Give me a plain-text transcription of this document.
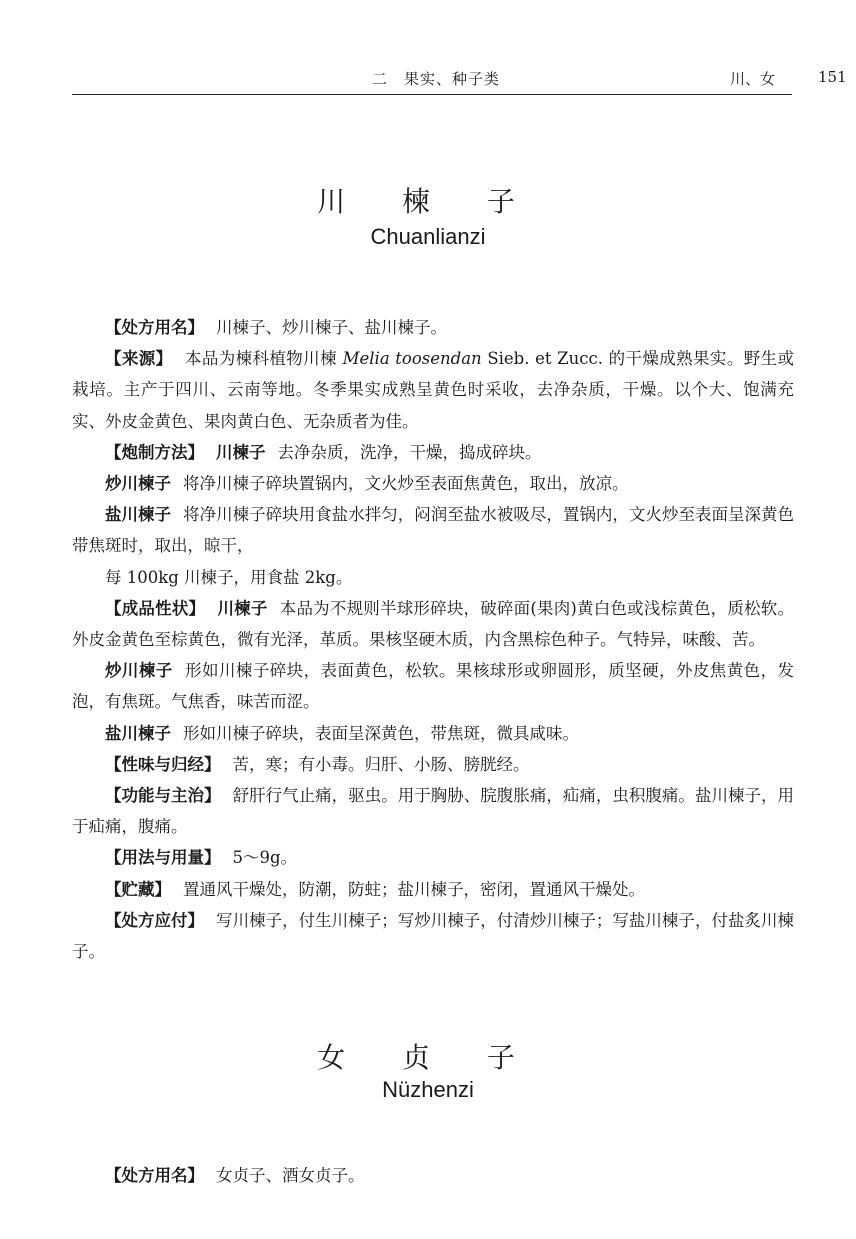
二　果实、种子类	川、女	151
川 楝 子
Chuanlianzi

【处方用名】 川楝子、炒川楝子、盐川楝子。

【来源】 本品为楝科植物川楝 Melia toosendan Sieb. et Zucc. 的干燥成熟果实。野生或栽培。主产于四川、云南等地。冬季果实成熟呈黄色时采收，去净杂质，干燥。以个大、饱满充实、外皮金黄色、果肉黄白色、无杂质者为佳。

【炮制方法】 川楝子 去净杂质，洗净，干燥，捣成碎块。

炒川楝子 将净川楝子碎块置锅内，文火炒至表面焦黄色，取出，放凉。

盐川楝子 将净川楝子碎块用食盐水拌匀，闷润至盐水被吸尽，置锅内，文火炒至表面呈深黄色带焦斑时，取出，晾干，

每 100kg 川楝子，用食盐 2kg。

【成品性状】 川楝子 本品为不规则半球形碎块，破碎面(果肉)黄白色或浅棕黄色，质松软。外皮金黄色至棕黄色，微有光泽，革质。果核坚硬木质，内含黑棕色种子。气特异，味酸、苦。

炒川楝子 形如川楝子碎块，表面黄色，松软。果核球形或卵圆形，质坚硬，外皮焦黄色，发泡，有焦斑。气焦香，味苦而涩。

盐川楝子 形如川楝子碎块，表面呈深黄色，带焦斑，微具咸味。

【性味与归经】 苦，寒；有小毒。归肝、小肠、膀胱经。

【功能与主治】 舒肝行气止痛，驱虫。用于胸胁、脘腹胀痛，疝痛，虫积腹痛。盐川楝子，用于疝痛，腹痛。

【用法与用量】 5～9g。

【贮藏】 置通风干燥处，防潮，防蛀；盐川楝子，密闭，置通风干燥处。

【处方应付】 写川楝子，付生川楝子；写炒川楝子，付清炒川楝子；写盐川楝子，付盐炙川楝子。

女 贞 子
Nüzhenzi

【处方用名】 女贞子、酒女贞子。
